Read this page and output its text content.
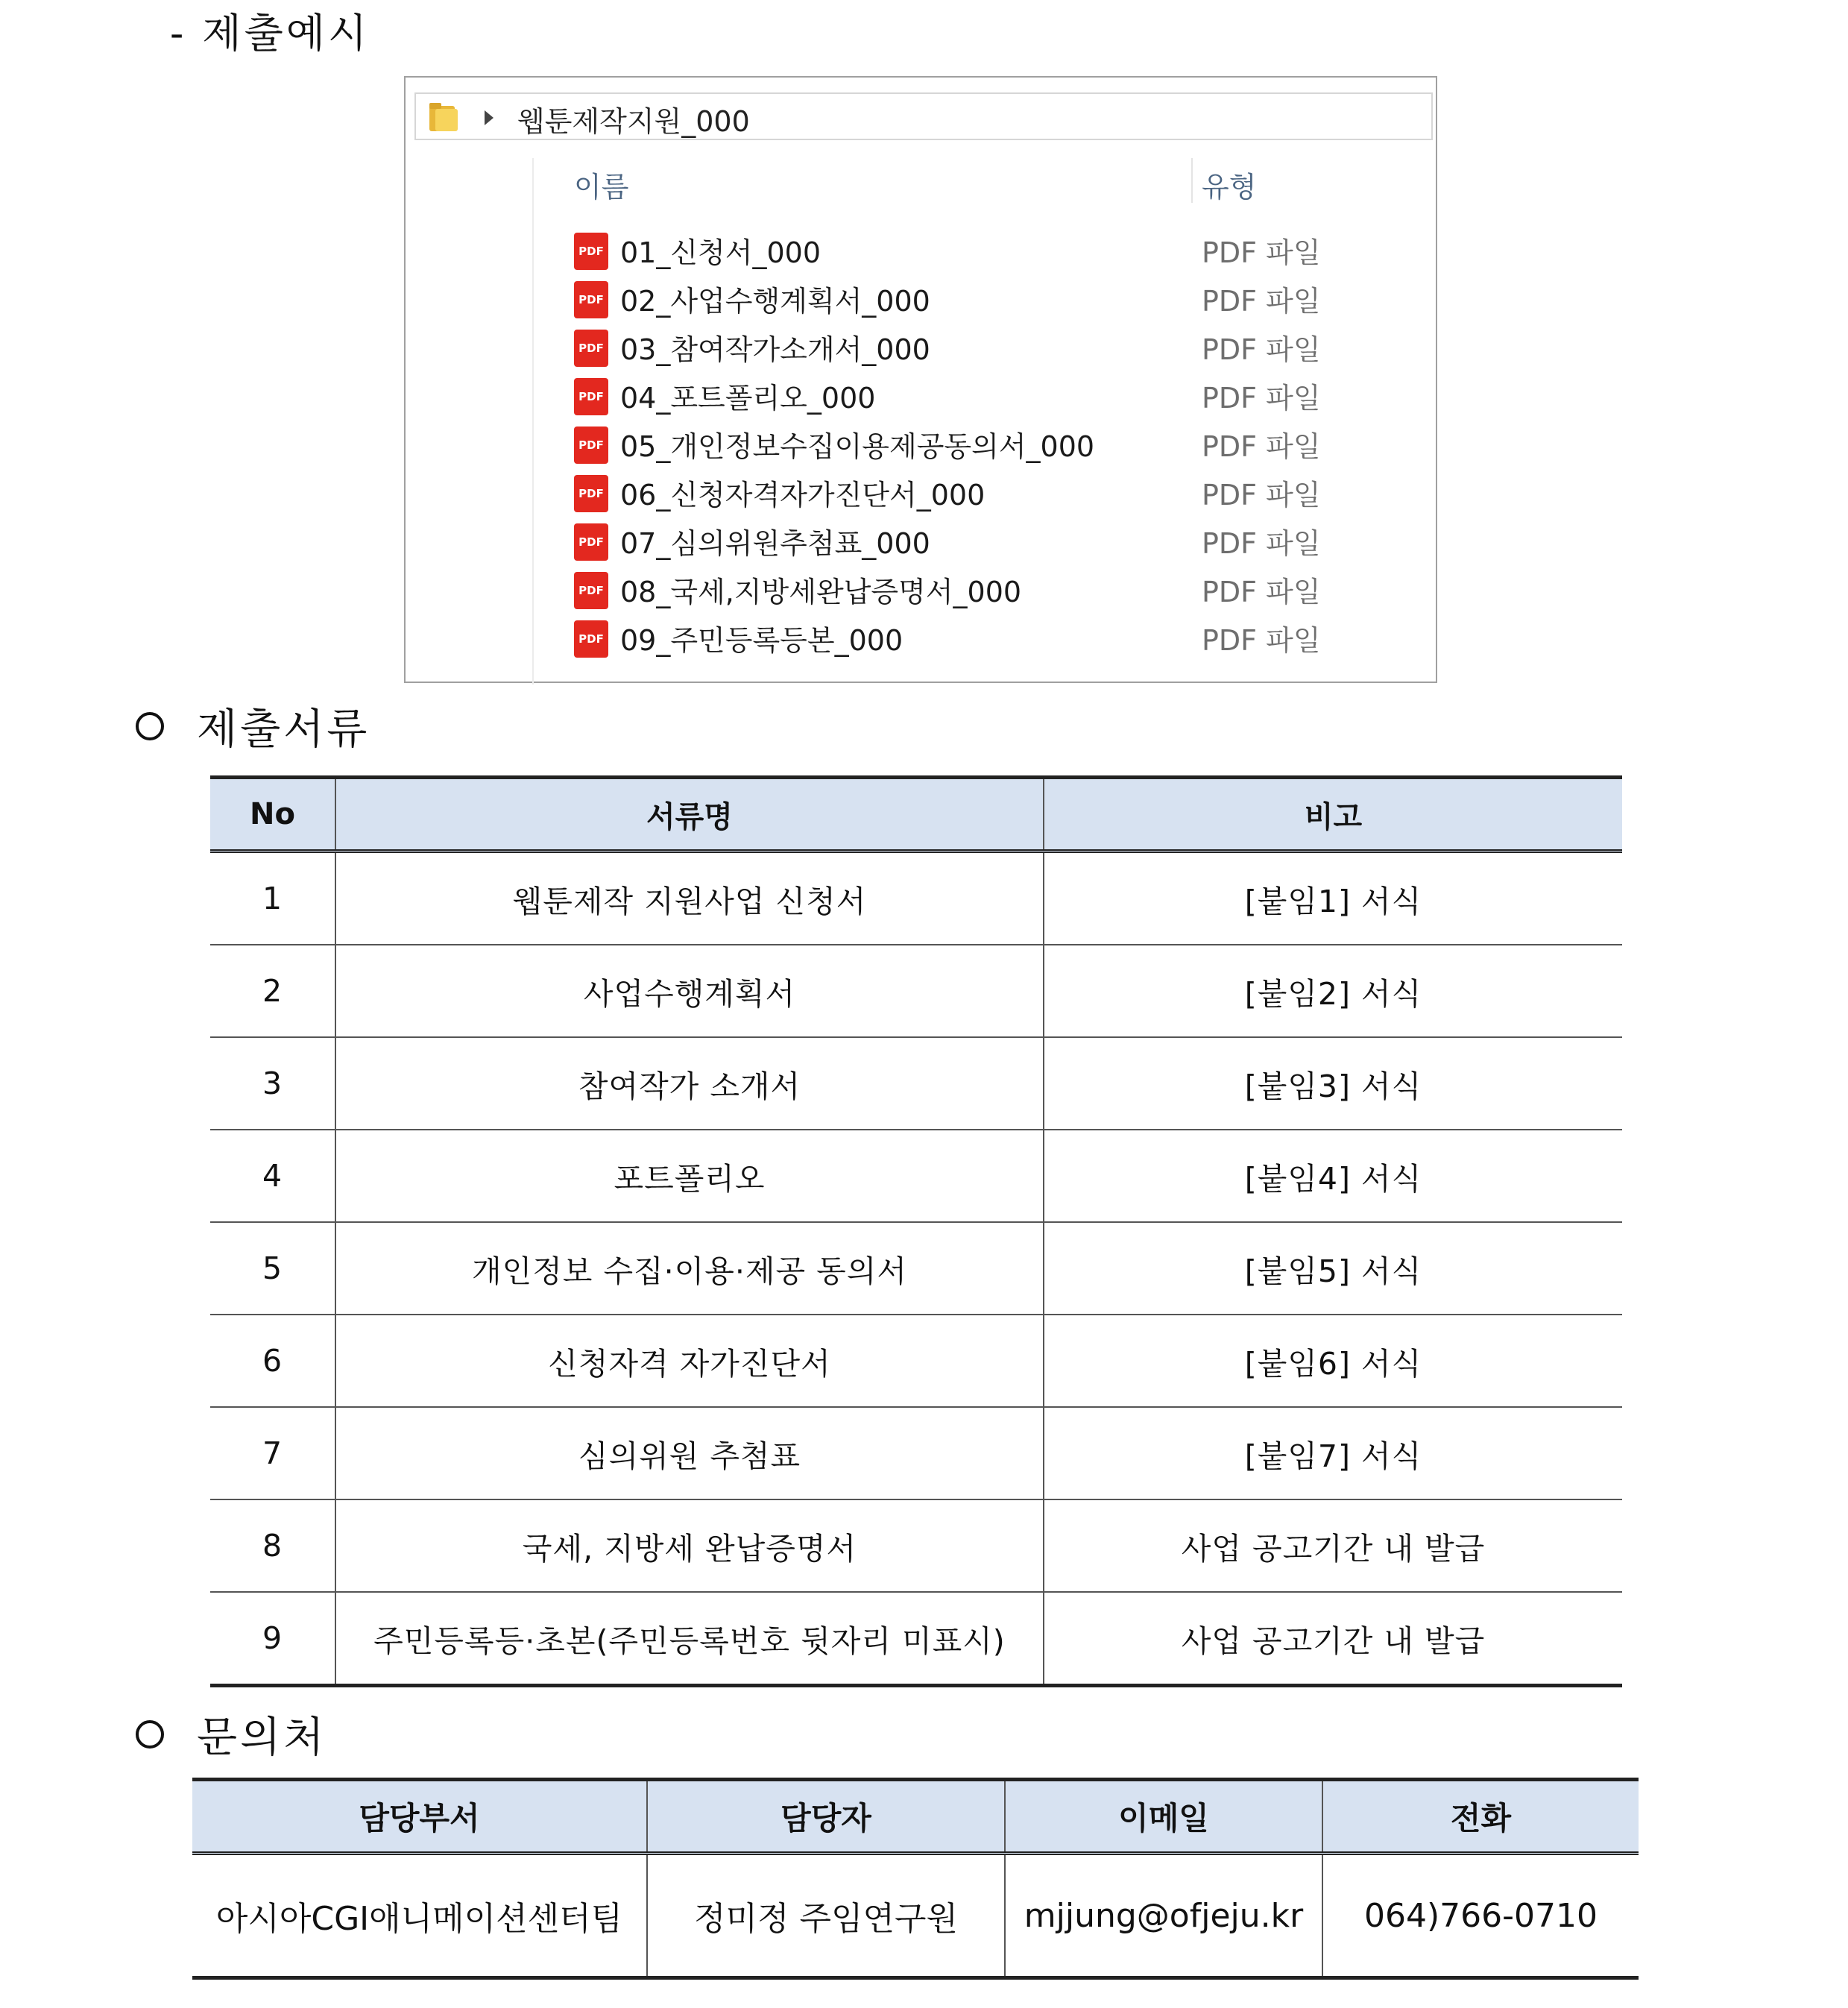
- 제출예시
웹툰제작지원_000
이름	유형
PDF 01_신청서_000	PDF 파일
PDF 02_사업수행계획서_000	PDF 파일
PDF 03_참여작가소개서_000	PDF 파일
PDF 04_포트폴리오_000	PDF 파일
PDF 05_개인정보수집이용제공동의서_000	PDF 파일
PDF 06_신청자격자가진단서_000	PDF 파일
PDF 07_심의위원추첨표_000	PDF 파일
PDF 08_국세,지방세완납증명서_000	PDF 파일
PDF 09_주민등록등본_000	PDF 파일
제출서류
No	서류명	비고
1	웹툰제작 지원사업 신청서	[붙임1] 서식
2	사업수행계획서	[붙임2] 서식
3	참여작가 소개서	[붙임3] 서식
4	포트폴리오	[붙임4] 서식
5	개인정보 수집·이용·제공 동의서	[붙임5] 서식
6	신청자격 자가진단서	[붙임6] 서식
7	심의위원 추첨표	[붙임7] 서식
8	국세, 지방세 완납증명서	사업 공고기간 내 발급
9	주민등록등·초본(주민등록번호 뒷자리 미표시)	사업 공고기간 내 발급
문의처
담당부서	담당자	이메일	전화
아시아CGI애니메이션센터팀	정미정 주임연구원	mjjung@ofjeju.kr	064)766-0710
